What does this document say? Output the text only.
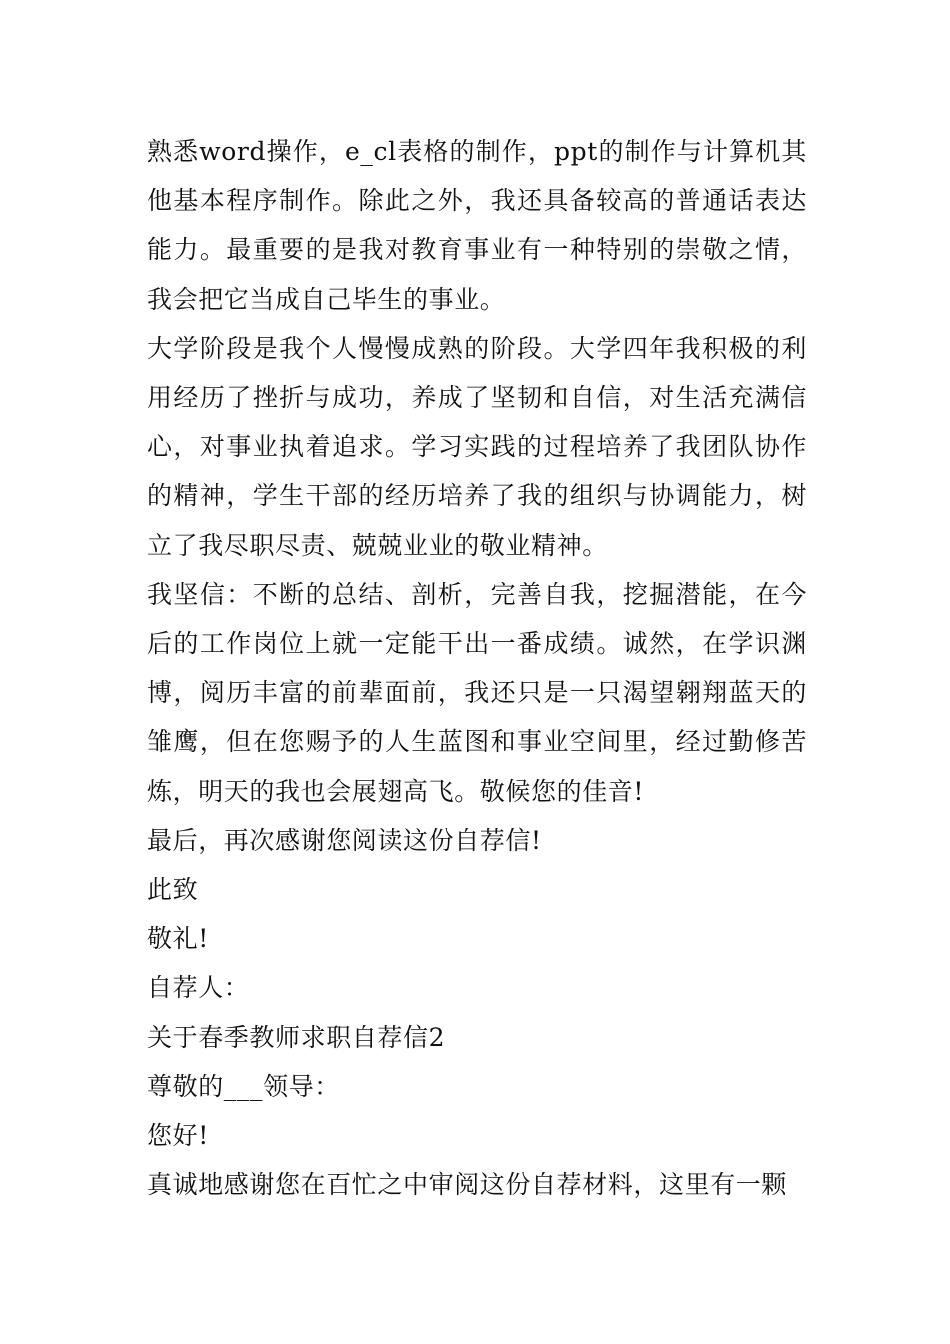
熟悉word操作，e_cl表格的制作，ppt的制作与计算机其他基本程序制作。除此之外，我还具备较高的普通话表达能力。最重要的是我对教育事业有一种特别的崇敬之情，我会把它当成自己毕生的事业。

大学阶段是我个人慢慢成熟的阶段。大学四年我积极的利用经历了挫折与成功，养成了坚韧和自信，对生活充满信心，对事业执着追求。学习实践的过程培养了我团队协作的精神，学生干部的经历培养了我的组织与协调能力，树立了我尽职尽责、兢兢业业的敬业精神。

我坚信：不断的总结、剖析，完善自我，挖掘潜能，在今后的工作岗位上就一定能干出一番成绩。诚然，在学识渊博，阅历丰富的前辈面前，我还只是一只渴望翱翔蓝天的雏鹰，但在您赐予的人生蓝图和事业空间里，经过勤修苦炼，明天的我也会展翅高飞。敬候您的佳音!

最后，再次感谢您阅读这份自荐信!

此致

敬礼!

自荐人：

关于春季教师求职自荐信2

尊敬的___领导：

您好!

真诚地感谢您在百忙之中审阅这份自荐材料，这里有一颗
